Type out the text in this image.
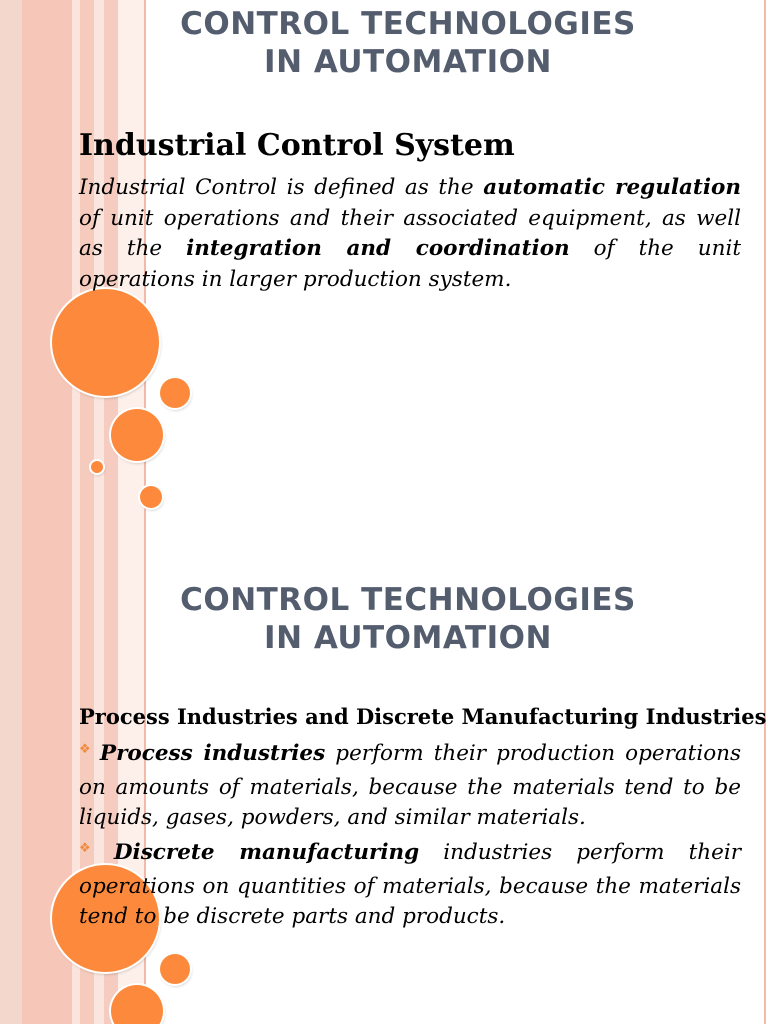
CONTROL TECHNOLOGIES
IN AUTOMATION
Industrial Control System
Industrial Control is defined as the automatic regulation of unit operations and their associated equipment, as well as the integration and coordination of the unit operations in larger production system.
CONTROL TECHNOLOGIES
IN AUTOMATION
Process Industries and Discrete Manufacturing Industries
❖ Process industries perform their production operations on amounts of materials, because the materials tend to be liquids, gases, powders, and similar materials.
❖ Discrete manufacturing industries perform their operations on quantities of materials, because the materials tend to be discrete parts and products.
